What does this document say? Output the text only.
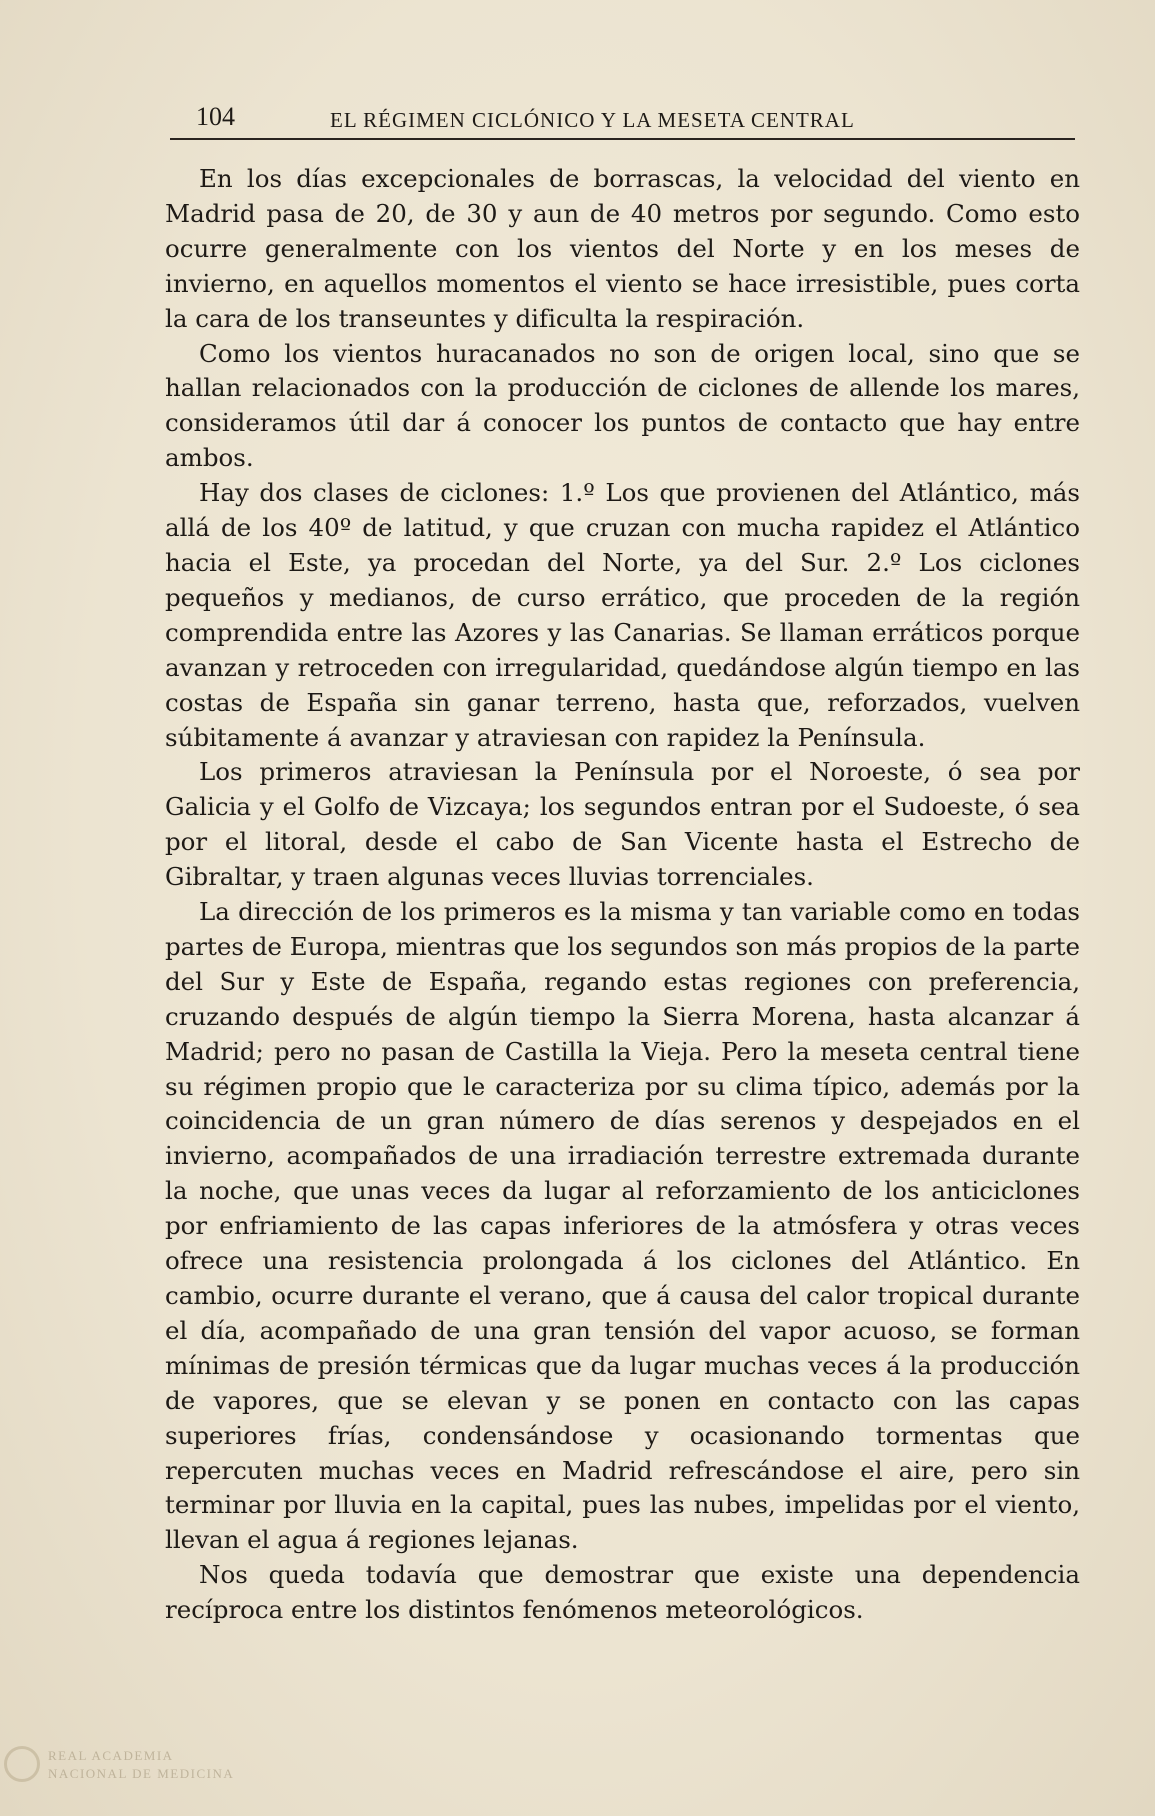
104	EL RÉGIMEN CICLÓNICO Y LA MESETA CENTRAL

En los días excepcionales de borrascas, la velocidad del viento en Madrid pasa de 20, de 30 y aun de 40 metros por segundo. Como esto ocurre generalmente con los vientos del Norte y en los meses de invierno, en aquellos momentos el viento se hace irresistible, pues corta la cara de los transeuntes y dificulta la respiración.

Como los vientos huracanados no son de origen local, sino que se hallan relacionados con la producción de ciclones de allende los mares, consideramos útil dar á conocer los puntos de contacto que hay entre ambos.

Hay dos clases de ciclones: 1.º Los que provienen del Atlántico, más allá de los 40º de latitud, y que cruzan con mucha rapidez el Atlántico hacia el Este, ya procedan del Norte, ya del Sur. 2.º Los ciclones pequeños y medianos, de curso errático, que proceden de la región comprendida entre las Azores y las Canarias. Se llaman erráticos porque avanzan y retroceden con irregularidad, quedándose algún tiempo en las costas de España sin ganar terreno, hasta que, reforzados, vuelven súbitamente á avanzar y atraviesan con rapidez la Península.

Los primeros atraviesan la Península por el Noroeste, ó sea por Galicia y el Golfo de Vizcaya; los segundos entran por el Sudoeste, ó sea por el litoral, desde el cabo de San Vicente hasta el Estrecho de Gibraltar, y traen algunas veces lluvias torrenciales.

La dirección de los primeros es la misma y tan variable como en todas partes de Europa, mientras que los segundos son más propios de la parte del Sur y Este de España, regando estas regiones con preferencia, cruzando después de algún tiempo la Sierra Morena, hasta alcanzar á Madrid; pero no pasan de Castilla la Vieja. Pero la meseta central tiene su régimen propio que le caracteriza por su clima típico, además por la coincidencia de un gran número de días serenos y despejados en el invierno, acompañados de una irradiación terrestre extremada durante la noche, que unas veces da lugar al reforzamiento de los anticiclones por enfriamiento de las capas inferiores de la atmósfera y otras veces ofrece una resistencia prolongada á los ciclones del Atlántico. En cambio, ocurre durante el verano, que á causa del calor tropical durante el día, acompañado de una gran tensión del vapor acuoso, se forman mínimas de presión térmicas que da lugar muchas veces á la producción de vapores, que se elevan y se ponen en contacto con las capas superiores frías, condensándose y ocasionando tormentas que repercuten muchas veces en Madrid refrescándose el aire, pero sin terminar por lluvia en la capital, pues las nubes, impelidas por el viento, llevan el agua á regiones lejanas.

Nos queda todavía que demostrar que existe una dependencia recíproca entre los distintos fenómenos meteorológicos.

REAL ACADEMIA
NACIONAL DE MEDICINA
